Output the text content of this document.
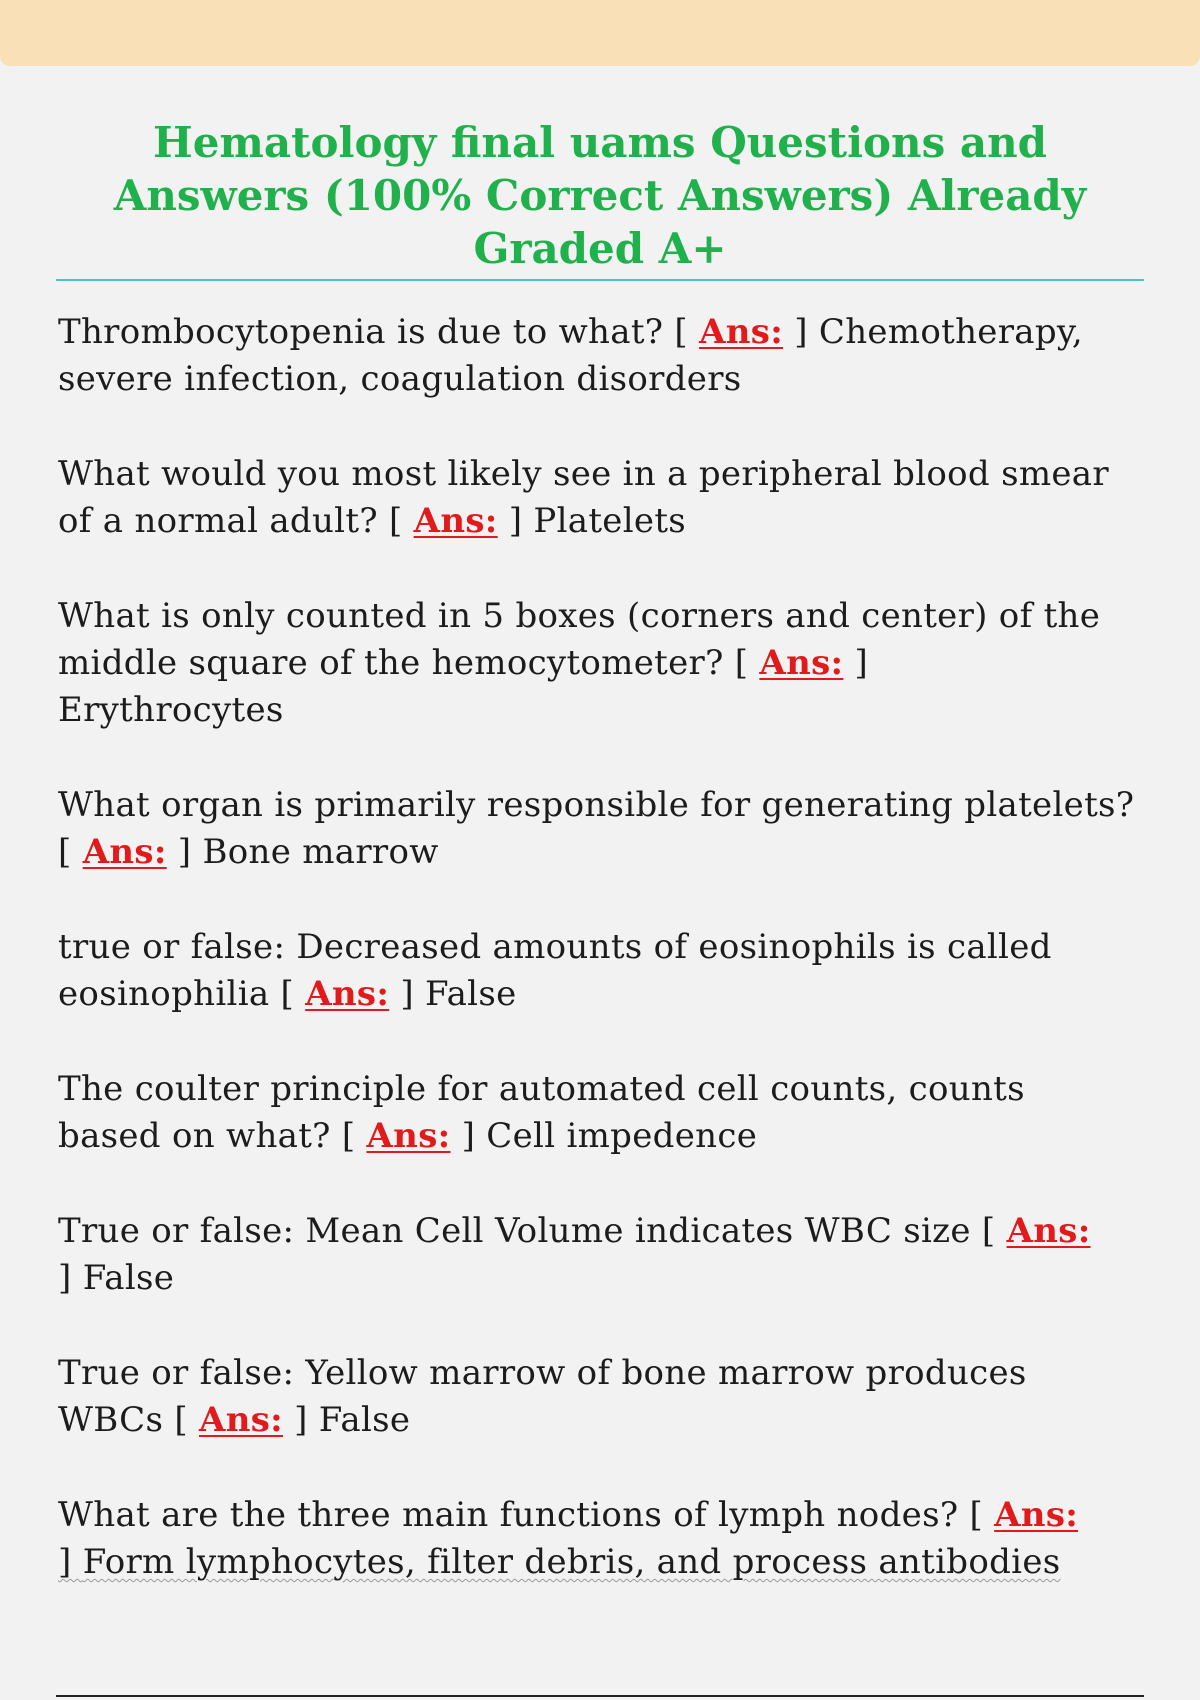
Hematology final uams Questions and Answers (100% Correct Answers) Already Graded A+

Thrombocytopenia is due to what? [ Ans: ] Chemotherapy, severe infection, coagulation disorders

What would you most likely see in a peripheral blood smear of a normal adult? [ Ans: ] Platelets

What is only counted in 5 boxes (corners and center) of the middle square of the hemocytometer? [ Ans: ]
Erythrocytes

What organ is primarily responsible for generating platelets? [ Ans: ] Bone marrow

true or false: Decreased amounts of eosinophils is called eosinophilia [ Ans: ] False

The coulter principle for automated cell counts, counts based on what? [ Ans: ] Cell impedence

True or false: Mean Cell Volume indicates WBC size [ Ans:
] False

True or false: Yellow marrow of bone marrow produces WBCs [ Ans: ] False

What are the three main functions of lymph nodes? [ Ans:
] Form lymphocytes, filter debris, and process antibodies
